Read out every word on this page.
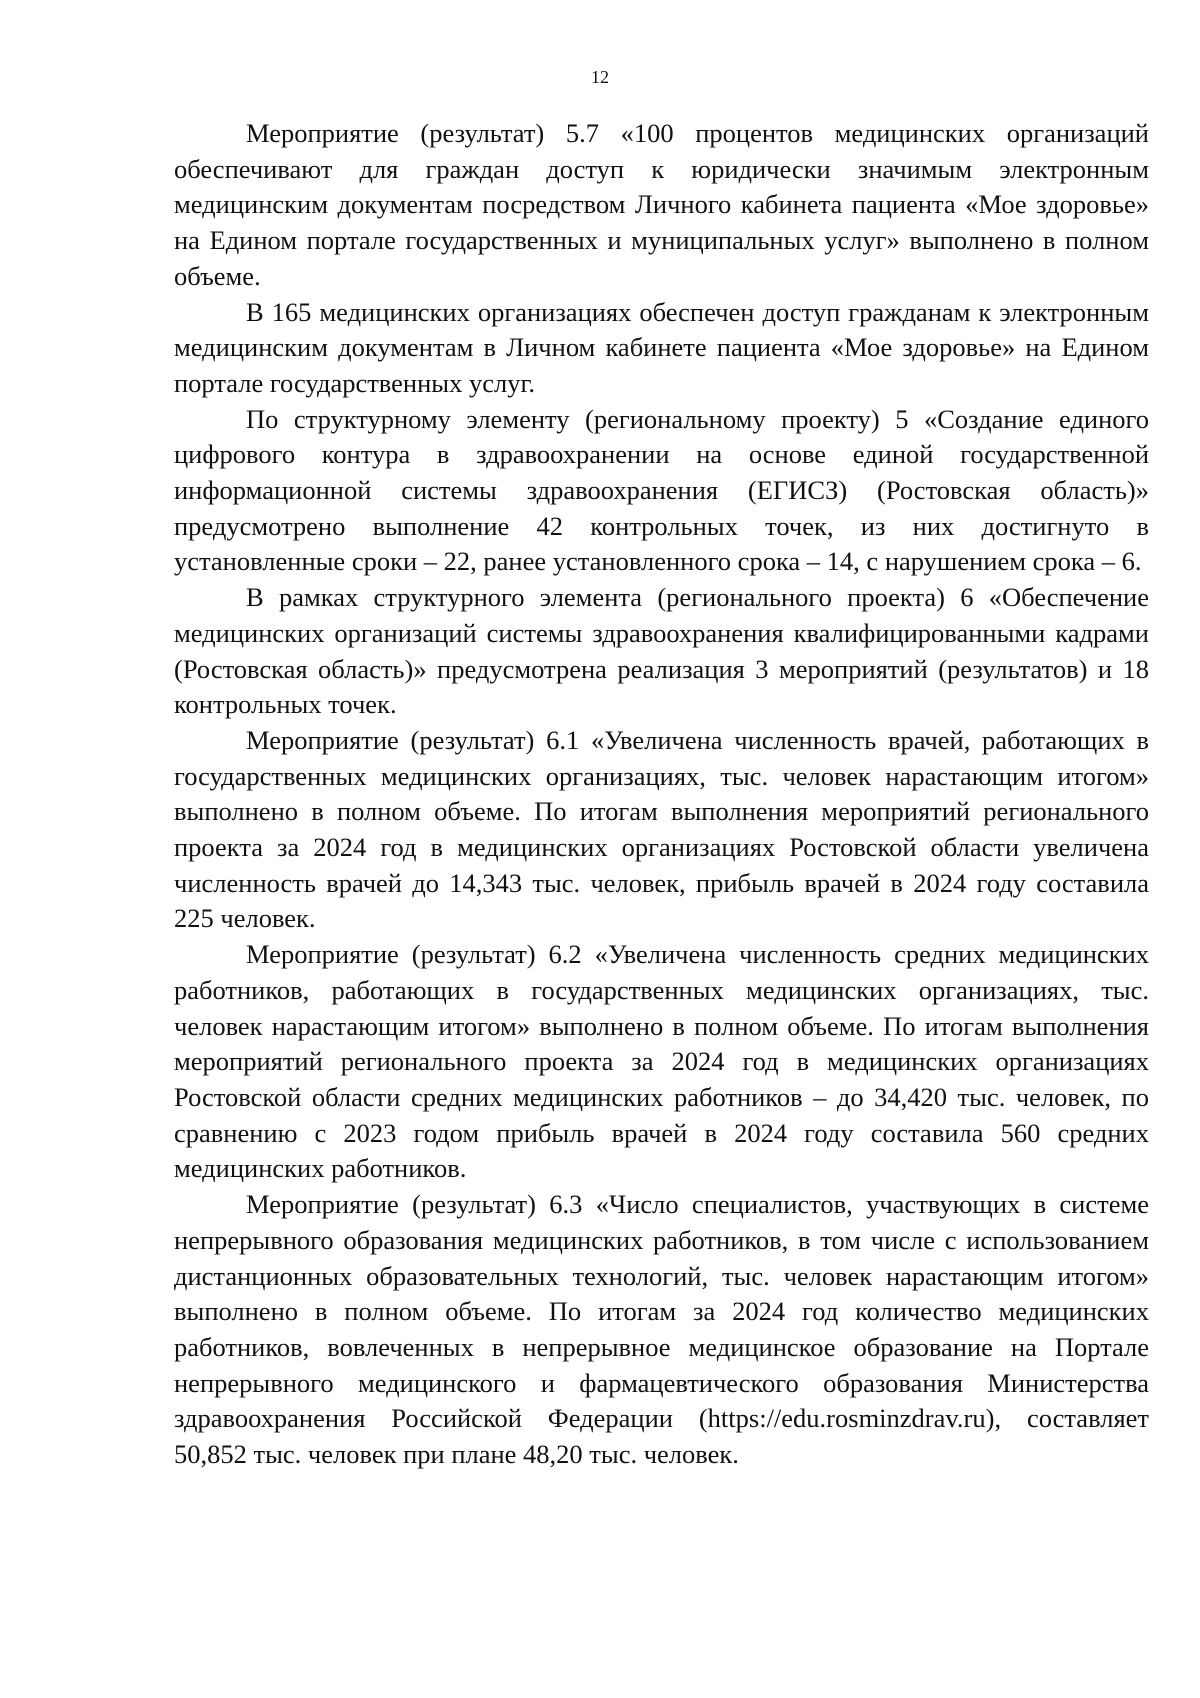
12

Мероприятие (результат) 5.7 «100 процентов медицинских организаций обеспечивают для граждан доступ к юридически значимым электронным медицинским документам посредством Личного кабинета пациента «Мое здоровье» на Едином портале государственных и муниципальных услуг» выполнено в полном объеме.

В 165 медицинских организациях обеспечен доступ гражданам к электронным медицинским документам в Личном кабинете пациента «Мое здоровье» на Едином портале государственных услуг.

По структурному элементу (региональному проекту) 5 «Создание единого цифрового контура в здравоохранении на основе единой государственной информационной системы здравоохранения (ЕГИСЗ) (Ростовская область)» предусмотрено выполнение 42 контрольных точек, из них достигнуто в установленные сроки – 22, ранее установленного срока – 14, с нарушением срока – 6.

В рамках структурного элемента (регионального проекта) 6 «Обеспечение медицинских организаций системы здравоохранения квалифицированными кадрами (Ростовская область)» предусмотрена реализация 3 мероприятий (результатов) и 18 контрольных точек.

Мероприятие (результат) 6.1 «Увеличена численность врачей, работающих в государственных медицинских организациях, тыс. человек нарастающим итогом» выполнено в полном объеме. По итогам выполнения мероприятий регионального проекта за 2024 год в медицинских организациях Ростовской области увеличена численность врачей до 14,343 тыс. человек, прибыль врачей в 2024 году составила 225 человек.

Мероприятие (результат) 6.2 «Увеличена численность средних медицинских работников, работающих в государственных медицинских организациях, тыс. человек нарастающим итогом» выполнено в полном объеме. По итогам выполнения мероприятий регионального проекта за 2024 год в медицинских организациях Ростовской области средних медицинских работников – до 34,420 тыс. человек, по сравнению с 2023 годом прибыль врачей в 2024 году составила 560 средних медицинских работников.

Мероприятие (результат) 6.3 «Число специалистов, участвующих в системе непрерывного образования медицинских работников, в том числе с использованием дистанционных образовательных технологий, тыс. человек нарастающим итогом» выполнено в полном объеме. По итогам за 2024 год количество медицинских работников, вовлеченных в непрерывное медицинское образование на Портале непрерывного медицинского и фармацевтического образования Министерства здравоохранения Российской Федерации (https://edu.rosminzdrav.ru), составляет 50,852 тыс. человек при плане 48,20 тыс. человек.
